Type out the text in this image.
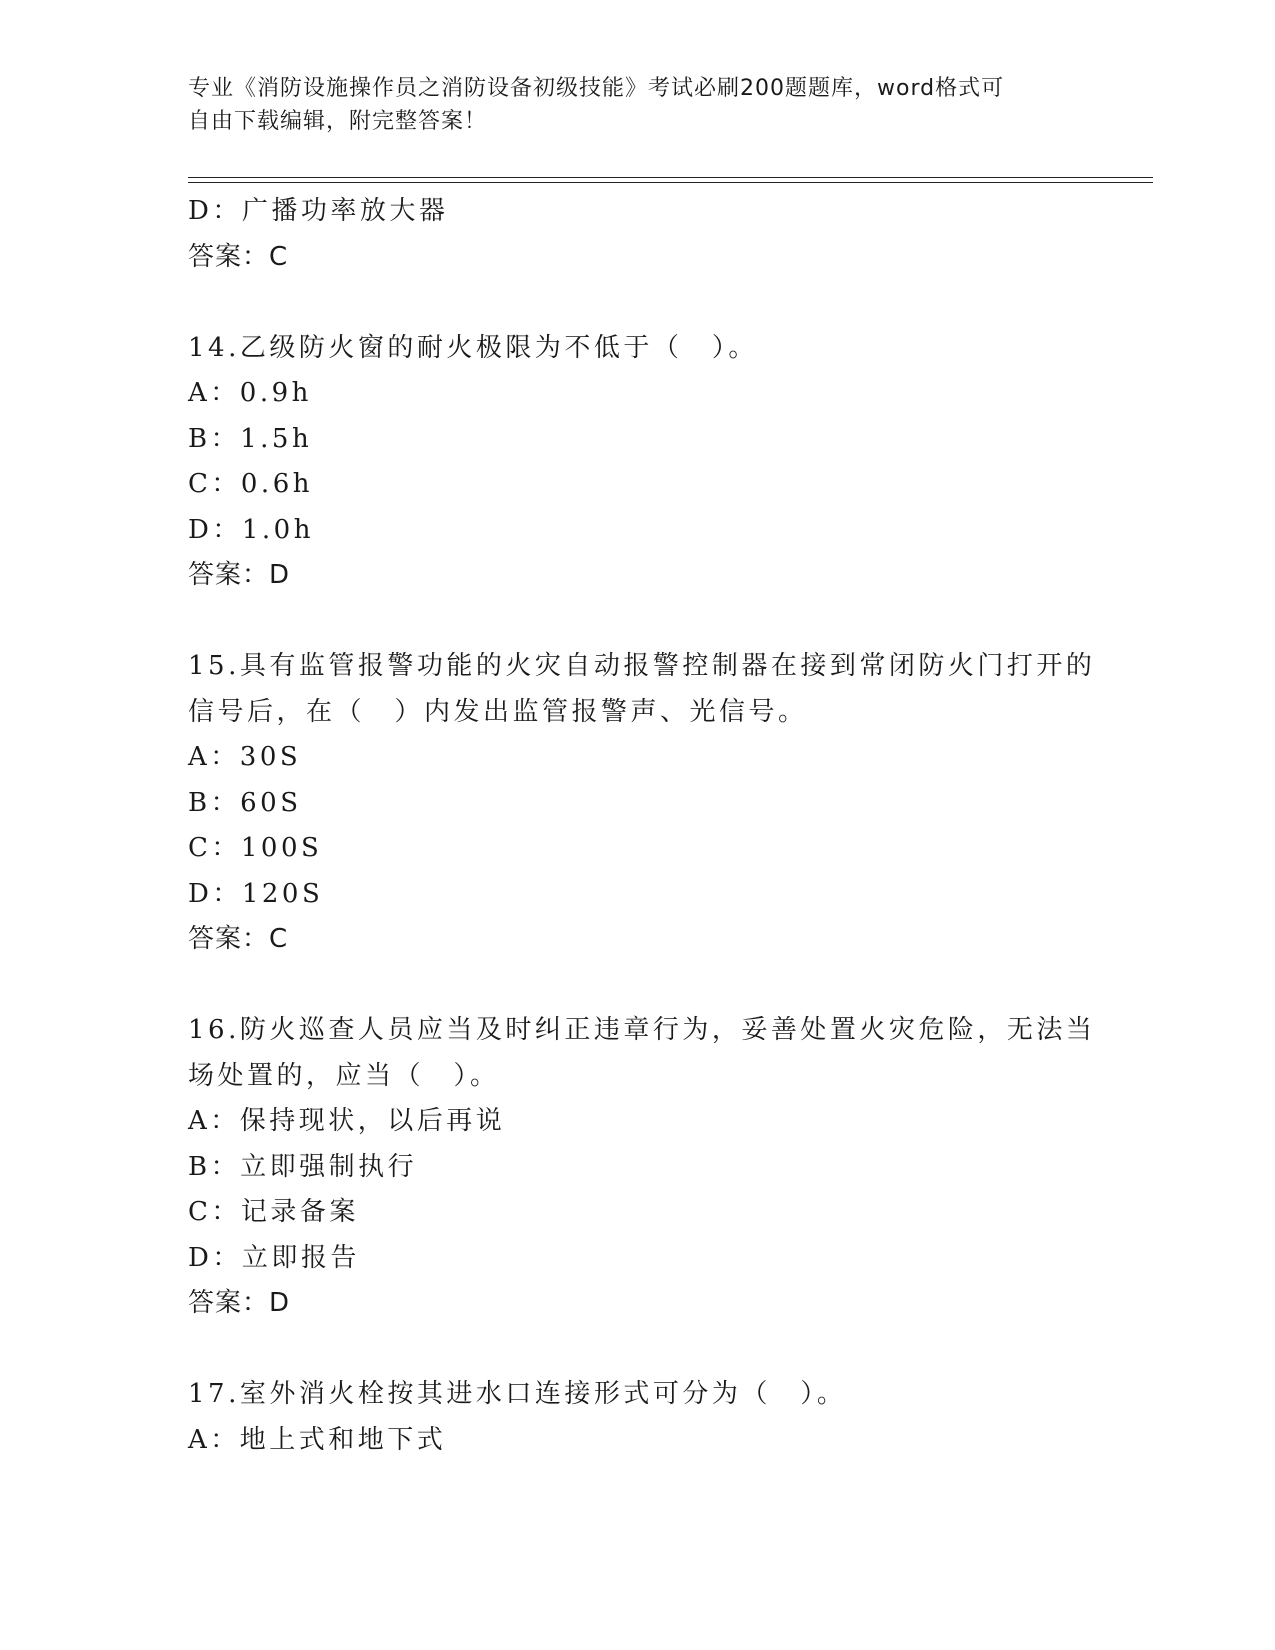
专业《消防设施操作员之消防设备初级技能》考试必刷200题题库，word格式可
自由下载编辑，附完整答案！
D：广播功率放大器
答案：C
14.乙级防火窗的耐火极限为不低于（　）。
A：0.9h
B：1.5h
C：0.6h
D：1.0h
答案：D
15.具有监管报警功能的火灾自动报警控制器在接到常闭防火门打开的
信号后，在（　）内发出监管报警声、光信号。
A：30S
B：60S
C：100S
D：120S
答案：C
16.防火巡查人员应当及时纠正违章行为，妥善处置火灾危险，无法当
场处置的，应当（　）。
A：保持现状，以后再说
B：立即强制执行
C：记录备案
D：立即报告
答案：D
17.室外消火栓按其进水口连接形式可分为（　）。
A：地上式和地下式
